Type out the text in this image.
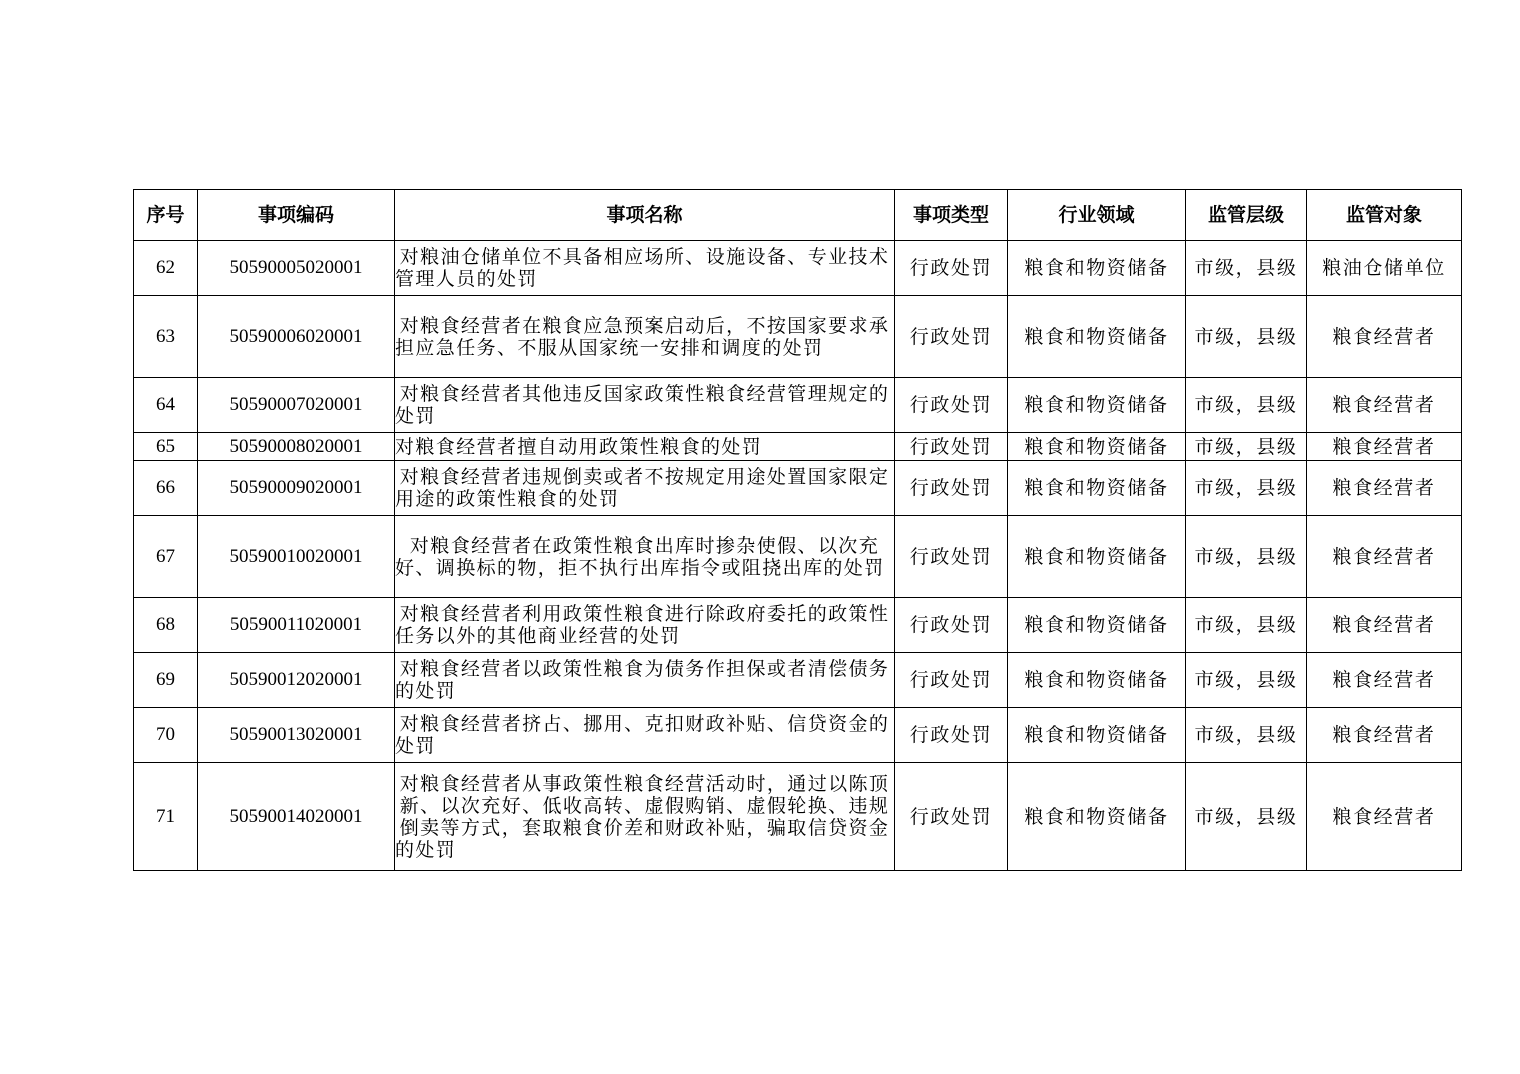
序号	事项编码	事项名称	事项类型	行业领域	监管层级	监管对象
62	50590005020001	对粮油仓储单位不具备相应场所、设施设备、专业技术管理人员的处罚	行政处罚	粮食和物资储备	市级，县级	粮油仓储单位
63	50590006020001	对粮食经营者在粮食应急预案启动后，不按国家要求承担应急任务、不服从国家统一安排和调度的处罚	行政处罚	粮食和物资储备	市级，县级	粮食经营者
64	50590007020001	对粮食经营者其他违反国家政策性粮食经营管理规定的处罚	行政处罚	粮食和物资储备	市级，县级	粮食经营者
65	50590008020001	对粮食经营者擅自动用政策性粮食的处罚	行政处罚	粮食和物资储备	市级，县级	粮食经营者
66	50590009020001	对粮食经营者违规倒卖或者不按规定用途处置国家限定用途的政策性粮食的处罚	行政处罚	粮食和物资储备	市级，县级	粮食经营者
67	50590010020001	对粮食经营者在政策性粮食出库时掺杂使假、以次充好、调换标的物，拒不执行出库指令或阻挠出库的处罚	行政处罚	粮食和物资储备	市级，县级	粮食经营者
68	50590011020001	对粮食经营者利用政策性粮食进行除政府委托的政策性任务以外的其他商业经营的处罚	行政处罚	粮食和物资储备	市级，县级	粮食经营者
69	50590012020001	对粮食经营者以政策性粮食为债务作担保或者清偿债务的处罚	行政处罚	粮食和物资储备	市级，县级	粮食经营者
70	50590013020001	对粮食经营者挤占、挪用、克扣财政补贴、信贷资金的处罚	行政处罚	粮食和物资储备	市级，县级	粮食经营者
71	50590014020001	对粮食经营者从事政策性粮食经营活动时，通过以陈顶新、以次充好、低收高转、虚假购销、虚假轮换、违规倒卖等方式，套取粮食价差和财政补贴，骗取信贷资金的处罚	行政处罚	粮食和物资储备	市级，县级	粮食经营者
